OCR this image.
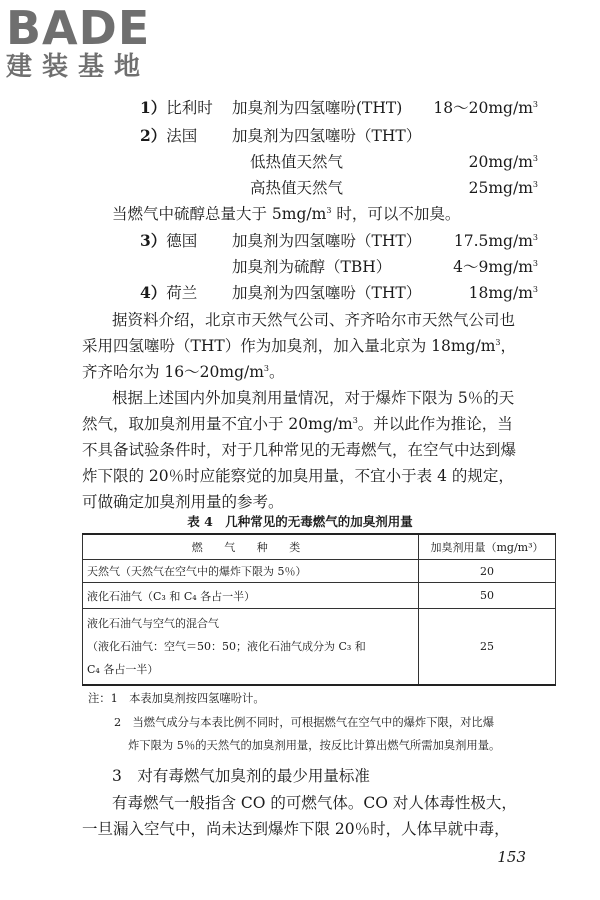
BADE
建装基地
1）比利时 加臭剂为四氢噻吩(THT) $18\sim 20mg/m^3$
2）法国 加臭剂为四氢噻吩（THT）
低热值天然气	$20mg/m^3$
高热值天然气	$25mg/m^3$
当燃气中硫醇总量大于 $5mg/m^3$ 时，可以不加臭。
3）德国 加臭剂为四氢噻吩（THT） $17.5mg/m^3$
加臭剂为硫醇（TBH）	$4\sim 9mg/m^3$
4）荷兰 加臭剂为四氢噻吩（THT）	$18mg/m^3$
据资料介绍，北京市天然气公司、齐齐哈尔市天然气公司也
采用四氢噻吩（THT）作为加臭剂，加入量北京为 $18mg/m^3$，
齐齐哈尔为 $16\sim 20mg/m^3$。
根据上述国内外加臭剂用量情况，对于爆炸下限为 5％的天
然气，取加臭剂用量不宜小于 $20mg/m^3$。并以此作为推论，当
不具备试验条件时，对于几种常见的无毒燃气，在空气中达到爆
炸下限的 20％时应能察觉的加臭用量，不宜小于表 4 的规定，
可做确定加臭剂用量的参考。
表 4　几种常见的无毒燃气的加臭剂用量
燃 气 种 类	加臭剂用量（mg/m³）
天然气（天然气在空气中的爆炸下限为 5％）	20
液化石油气（C₃ 和 C₄ 各占一半）	50

液化石油气与空气的混合气
（液化石油气：空气＝50：50；液化石油气成分为 C₃ 和
C₄ 各占一半）	25
注：1　本表加臭剂按四氢噻吩计。
2　当燃气成分与本表比例不同时，可根据燃气在空气中的爆炸下限，对比爆
炸下限为 5％的天然气的加臭剂用量，按反比计算出燃气所需加臭剂用量。
3　对有毒燃气加臭剂的最少用量标准
有毒燃气一般指含 CO 的可燃气体。CO 对人体毒性极大，
一旦漏入空气中，尚未达到爆炸下限 20％时，人体早就中毒，
153
